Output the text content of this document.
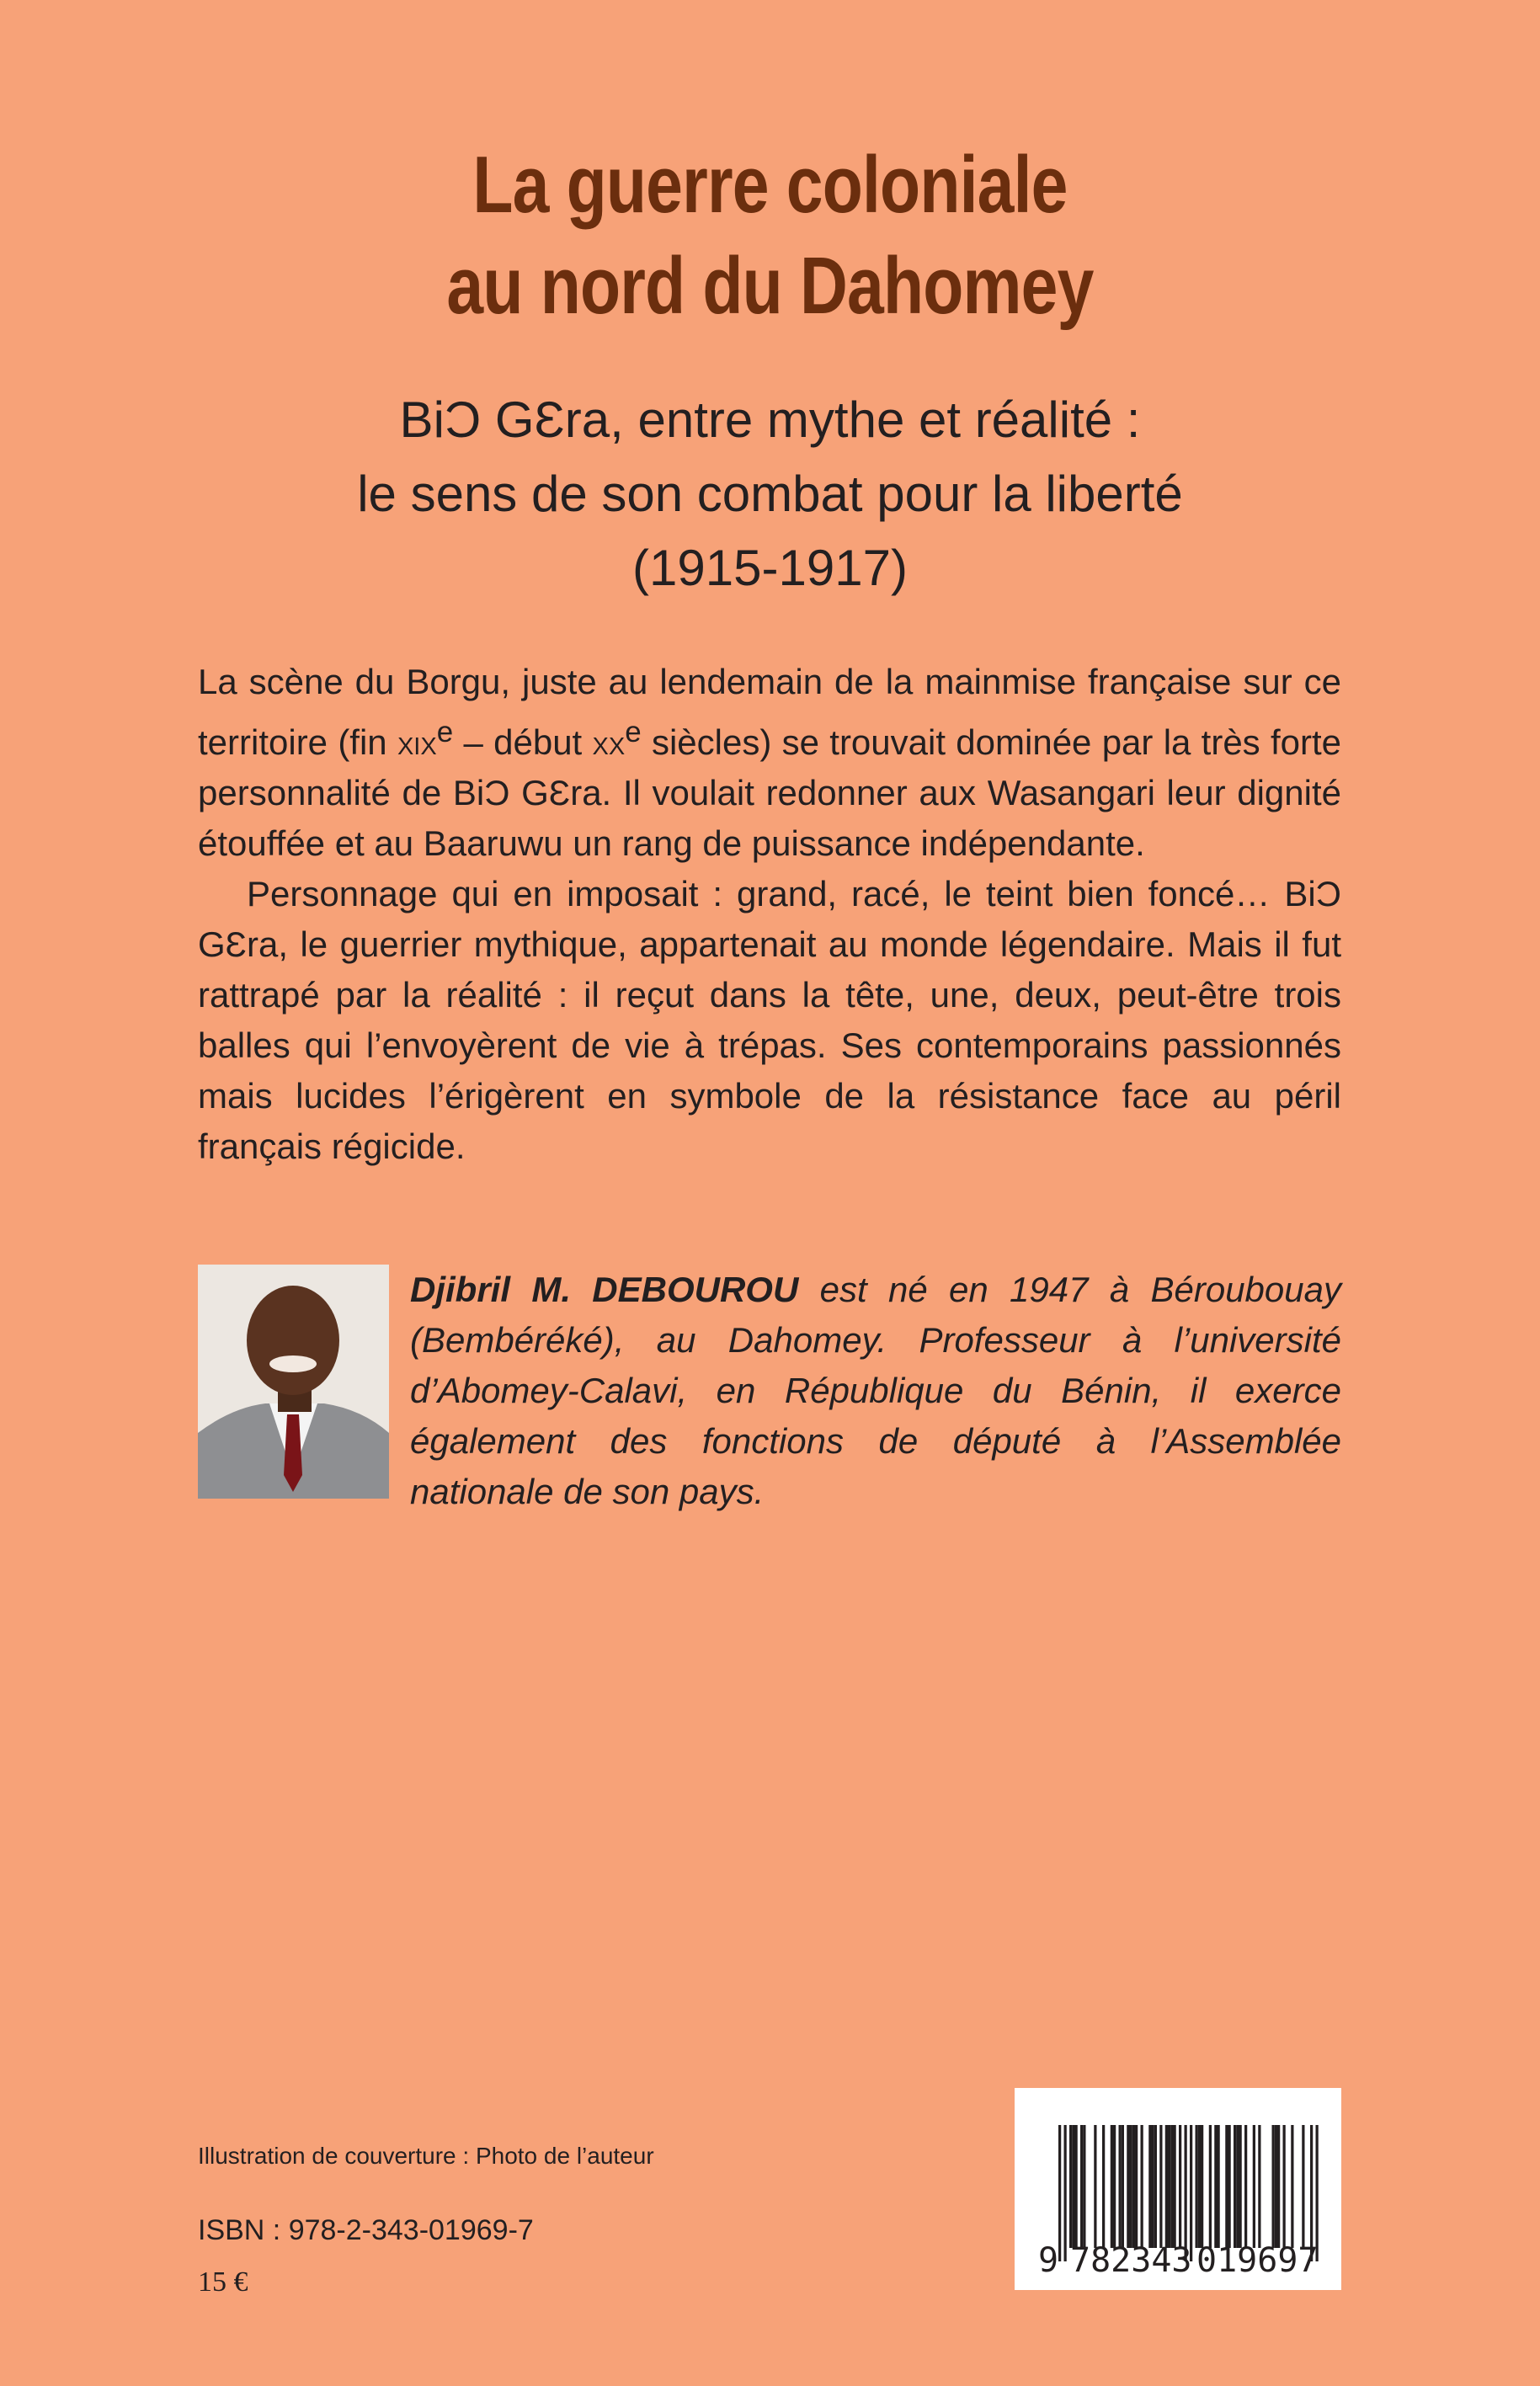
La guerre coloniale
au nord du Dahomey
BiƆ GƐra, entre mythe et réalité :
le sens de son combat pour la liberté
(1915-1917)

La scène du Borgu, juste au lendemain de la mainmise française sur ce territoire (fin xix$^e$ – début $xx^e$ siècles) se trouvait dominée par la très forte personnalité de BiƆ GƐra. Il voulait redonner aux Wasangari leur dignité étouffée et au Baaruwu un rang de puissance indépendante.

Personnage qui en imposait : grand, racé, le teint bien foncé… BiƆ GƐra, le guerrier mythique, appartenait au monde légendaire. Mais il fut rattrapé par la réalité : il reçut dans la tête, une, deux, peut-être trois balles qui l’envoyèrent de vie à trépas. Ses contemporains passionnés mais lucides l’érigèrent en symbole de la résistance face au péril français régicide.

Djibril M. DEBOUROU est né en 1947 à Béroubouay (Bembéréké), au Dahomey. Professeur à l’université d’Abomey-Calavi, en République du Bénin, il exerce également des fonctions de député à l’Assemblée nationale de son pays.
Illustration de couverture : Photo de l’auteur
ISBN : 978-2-343-01969-7
15 €
9 782343 019697
